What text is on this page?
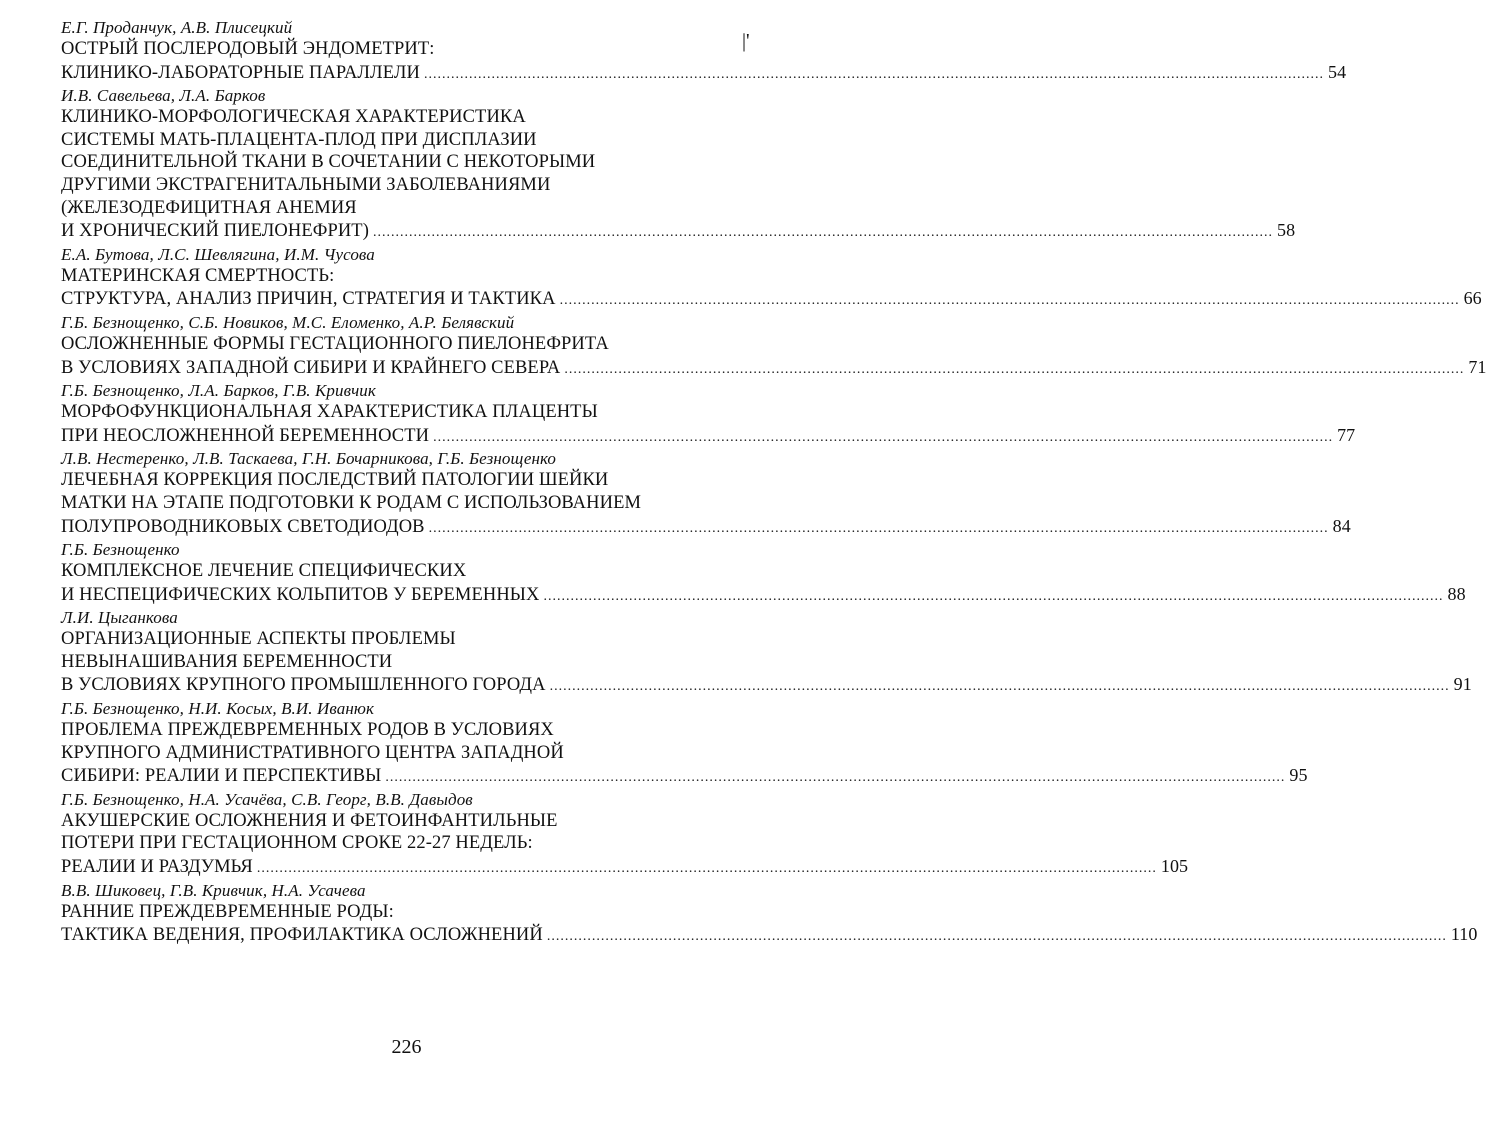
|'
Е.Г. Проданчук, А.В. Плисецкий
ОСТРЫЙ ПОСЛЕРОДОВЫЙ ЭНДОМЕТРИТ:
КЛИНИКО-ЛАБОРАТОРНЫЕ ПАРАЛЛЕЛИ ........................................................................................................................................................................................................ 54
И.В. Савельева, Л.А. Барков
КЛИНИКО-МОРФОЛОГИЧЕСКАЯ ХАРАКТЕРИСТИКА
СИСТЕМЫ МАТЬ-ПЛАЦЕНТА-ПЛОД ПРИ ДИСПЛАЗИИ
СОЕДИНИТЕЛЬНОЙ ТКАНИ В СОЧЕТАНИИ С НЕКОТОРЫМИ
ДРУГИМИ ЭКСТРАГЕНИТАЛЬНЫМИ ЗАБОЛЕВАНИЯМИ
(ЖЕЛЕЗОДЕФИЦИТНАЯ АНЕМИЯ
И ХРОНИЧЕСКИЙ ПИЕЛОНЕФРИТ) ........................................................................................................................................................................................................ 58
Е.А. Бутова, Л.С. Шевлягина, И.М. Чусова
МАТЕРИНСКАЯ СМЕРТНОСТЬ:
СТРУКТУРА, АНАЛИЗ ПРИЧИН, СТРАТЕГИЯ И ТАКТИКА ........................................................................................................................................................................................................ 66
Г.Б. Безнощенко, С.Б. Новиков, М.С. Еломенко, А.Р. Белявский
ОСЛОЖНЕННЫЕ ФОРМЫ ГЕСТАЦИОННОГО ПИЕЛОНЕФРИТА
В УСЛОВИЯХ ЗАПАДНОЙ СИБИРИ И КРАЙНЕГО СЕВЕРА ........................................................................................................................................................................................................ 71
Г.Б. Безнощенко, Л.А. Барков, Г.В. Кривчик
МОРФОФУНКЦИОНАЛЬНАЯ ХАРАКТЕРИСТИКА ПЛАЦЕНТЫ
ПРИ НЕОСЛОЖНЕННОЙ БЕРЕМЕННОСТИ ........................................................................................................................................................................................................ 77
Л.В. Нестеренко, Л.В. Таскаева, Г.Н. Бочарникова, Г.Б. Безнощенко
ЛЕЧЕБНАЯ КОРРЕКЦИЯ ПОСЛЕДСТВИЙ ПАТОЛОГИИ ШЕЙКИ
МАТКИ НА ЭТАПЕ ПОДГОТОВКИ К РОДАМ С ИСПОЛЬЗОВАНИЕМ
ПОЛУПРОВОДНИКОВЫХ СВЕТОДИОДОВ ........................................................................................................................................................................................................ 84
Г.Б. Безнощенко
КОМПЛЕКСНОЕ ЛЕЧЕНИЕ СПЕЦИФИЧЕСКИХ
И НЕСПЕЦИФИЧЕСКИХ КОЛЬПИТОВ У БЕРЕМЕННЫХ ........................................................................................................................................................................................................ 88
Л.И. Цыганкова
ОРГАНИЗАЦИОННЫЕ АСПЕКТЫ ПРОБЛЕМЫ
НЕВЫНАШИВАНИЯ БЕРЕМЕННОСТИ
В УСЛОВИЯХ КРУПНОГО ПРОМЫШЛЕННОГО ГОРОДА ........................................................................................................................................................................................................ 91
Г.Б. Безнощенко, Н.И. Косых, В.И. Иванюк
ПРОБЛЕМА ПРЕЖДЕВРЕМЕННЫХ РОДОВ В УСЛОВИЯХ
КРУПНОГО АДМИНИСТРАТИВНОГО ЦЕНТРА ЗАПАДНОЙ
СИБИРИ: РЕАЛИИ И ПЕРСПЕКТИВЫ ........................................................................................................................................................................................................ 95
Г.Б. Безнощенко, Н.А. Усачёва, С.В. Георг, В.В. Давыдов
АКУШЕРСКИЕ ОСЛОЖНЕНИЯ И ФЕТОИНФАНТИЛЬНЫЕ
ПОТЕРИ ПРИ ГЕСТАЦИОННОМ СРОКЕ 22-27 НЕДЕЛЬ:
РЕАЛИИ И РАЗДУМЬЯ ........................................................................................................................................................................................................ 105
В.В. Шиковец, Г.В. Кривчик, Н.А. Усачева
РАННИЕ ПРЕЖДЕВРЕМЕННЫЕ РОДЫ:
ТАКТИКА ВЕДЕНИЯ, ПРОФИЛАКТИКА ОСЛОЖНЕНИЙ ........................................................................................................................................................................................................ 110
226
